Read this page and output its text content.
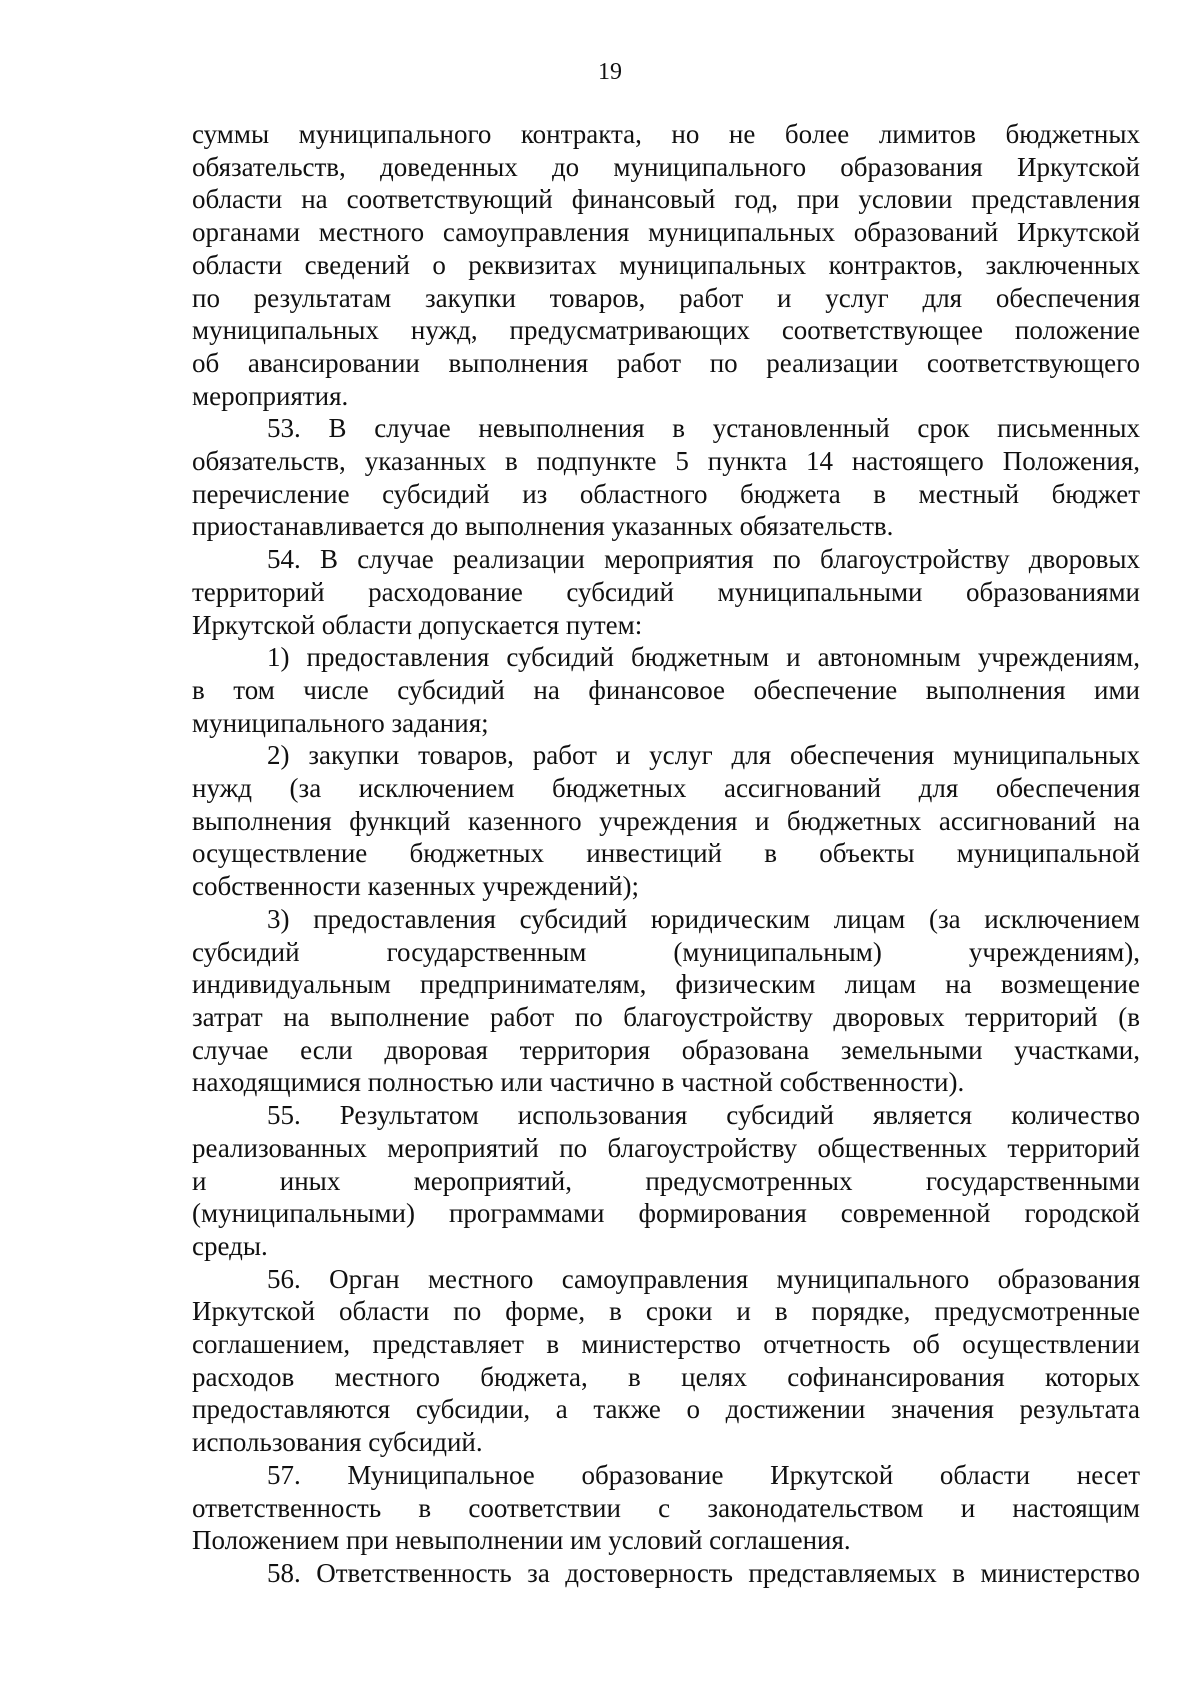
19
суммы муниципального контракта, но не более лимитов бюджетных
обязательств, доведенных до муниципального образования Иркутской
области на соответствующий финансовый год, при условии представления
органами местного самоуправления муниципальных образований Иркутской
области сведений о реквизитах муниципальных контрактов, заключенных
по результатам закупки товаров, работ и услуг для обеспечения
муниципальных нужд, предусматривающих соответствующее положение
об авансировании выполнения работ по реализации соответствующего
мероприятия.
53. В случае невыполнения в установленный срок письменных
обязательств, указанных в подпункте 5 пункта 14 настоящего Положения,
перечисление субсидий из областного бюджета в местный бюджет
приостанавливается до выполнения указанных обязательств.
54. В случае реализации мероприятия по благоустройству дворовых
территорий расходование субсидий муниципальными образованиями
Иркутской области допускается путем:
1) предоставления субсидий бюджетным и автономным учреждениям,
в том числе субсидий на финансовое обеспечение выполнения ими
муниципального задания;
2) закупки товаров, работ и услуг для обеспечения муниципальных
нужд (за исключением бюджетных ассигнований для обеспечения
выполнения функций казенного учреждения и бюджетных ассигнований на
осуществление бюджетных инвестиций в объекты муниципальной
собственности казенных учреждений);
3) предоставления субсидий юридическим лицам (за исключением
субсидий государственным (муниципальным) учреждениям),
индивидуальным предпринимателям, физическим лицам на возмещение
затрат на выполнение работ по благоустройству дворовых территорий (в
случае если дворовая территория образована земельными участками,
находящимися полностью или частично в частной собственности).
55. Результатом использования субсидий является количество
реализованных мероприятий по благоустройству общественных территорий
и иных мероприятий, предусмотренных государственными
(муниципальными) программами формирования современной городской
среды.
56. Орган местного самоуправления муниципального образования
Иркутской области по форме, в сроки и в порядке, предусмотренные
соглашением, представляет в министерство отчетность об осуществлении
расходов местного бюджета, в целях софинансирования которых
предоставляются субсидии, а также о достижении значения результата
использования субсидий.
57. Муниципальное образование Иркутской области несет
ответственность в соответствии с законодательством и настоящим
Положением при невыполнении им условий соглашения.
58. Ответственность за достоверность представляемых в министерство
